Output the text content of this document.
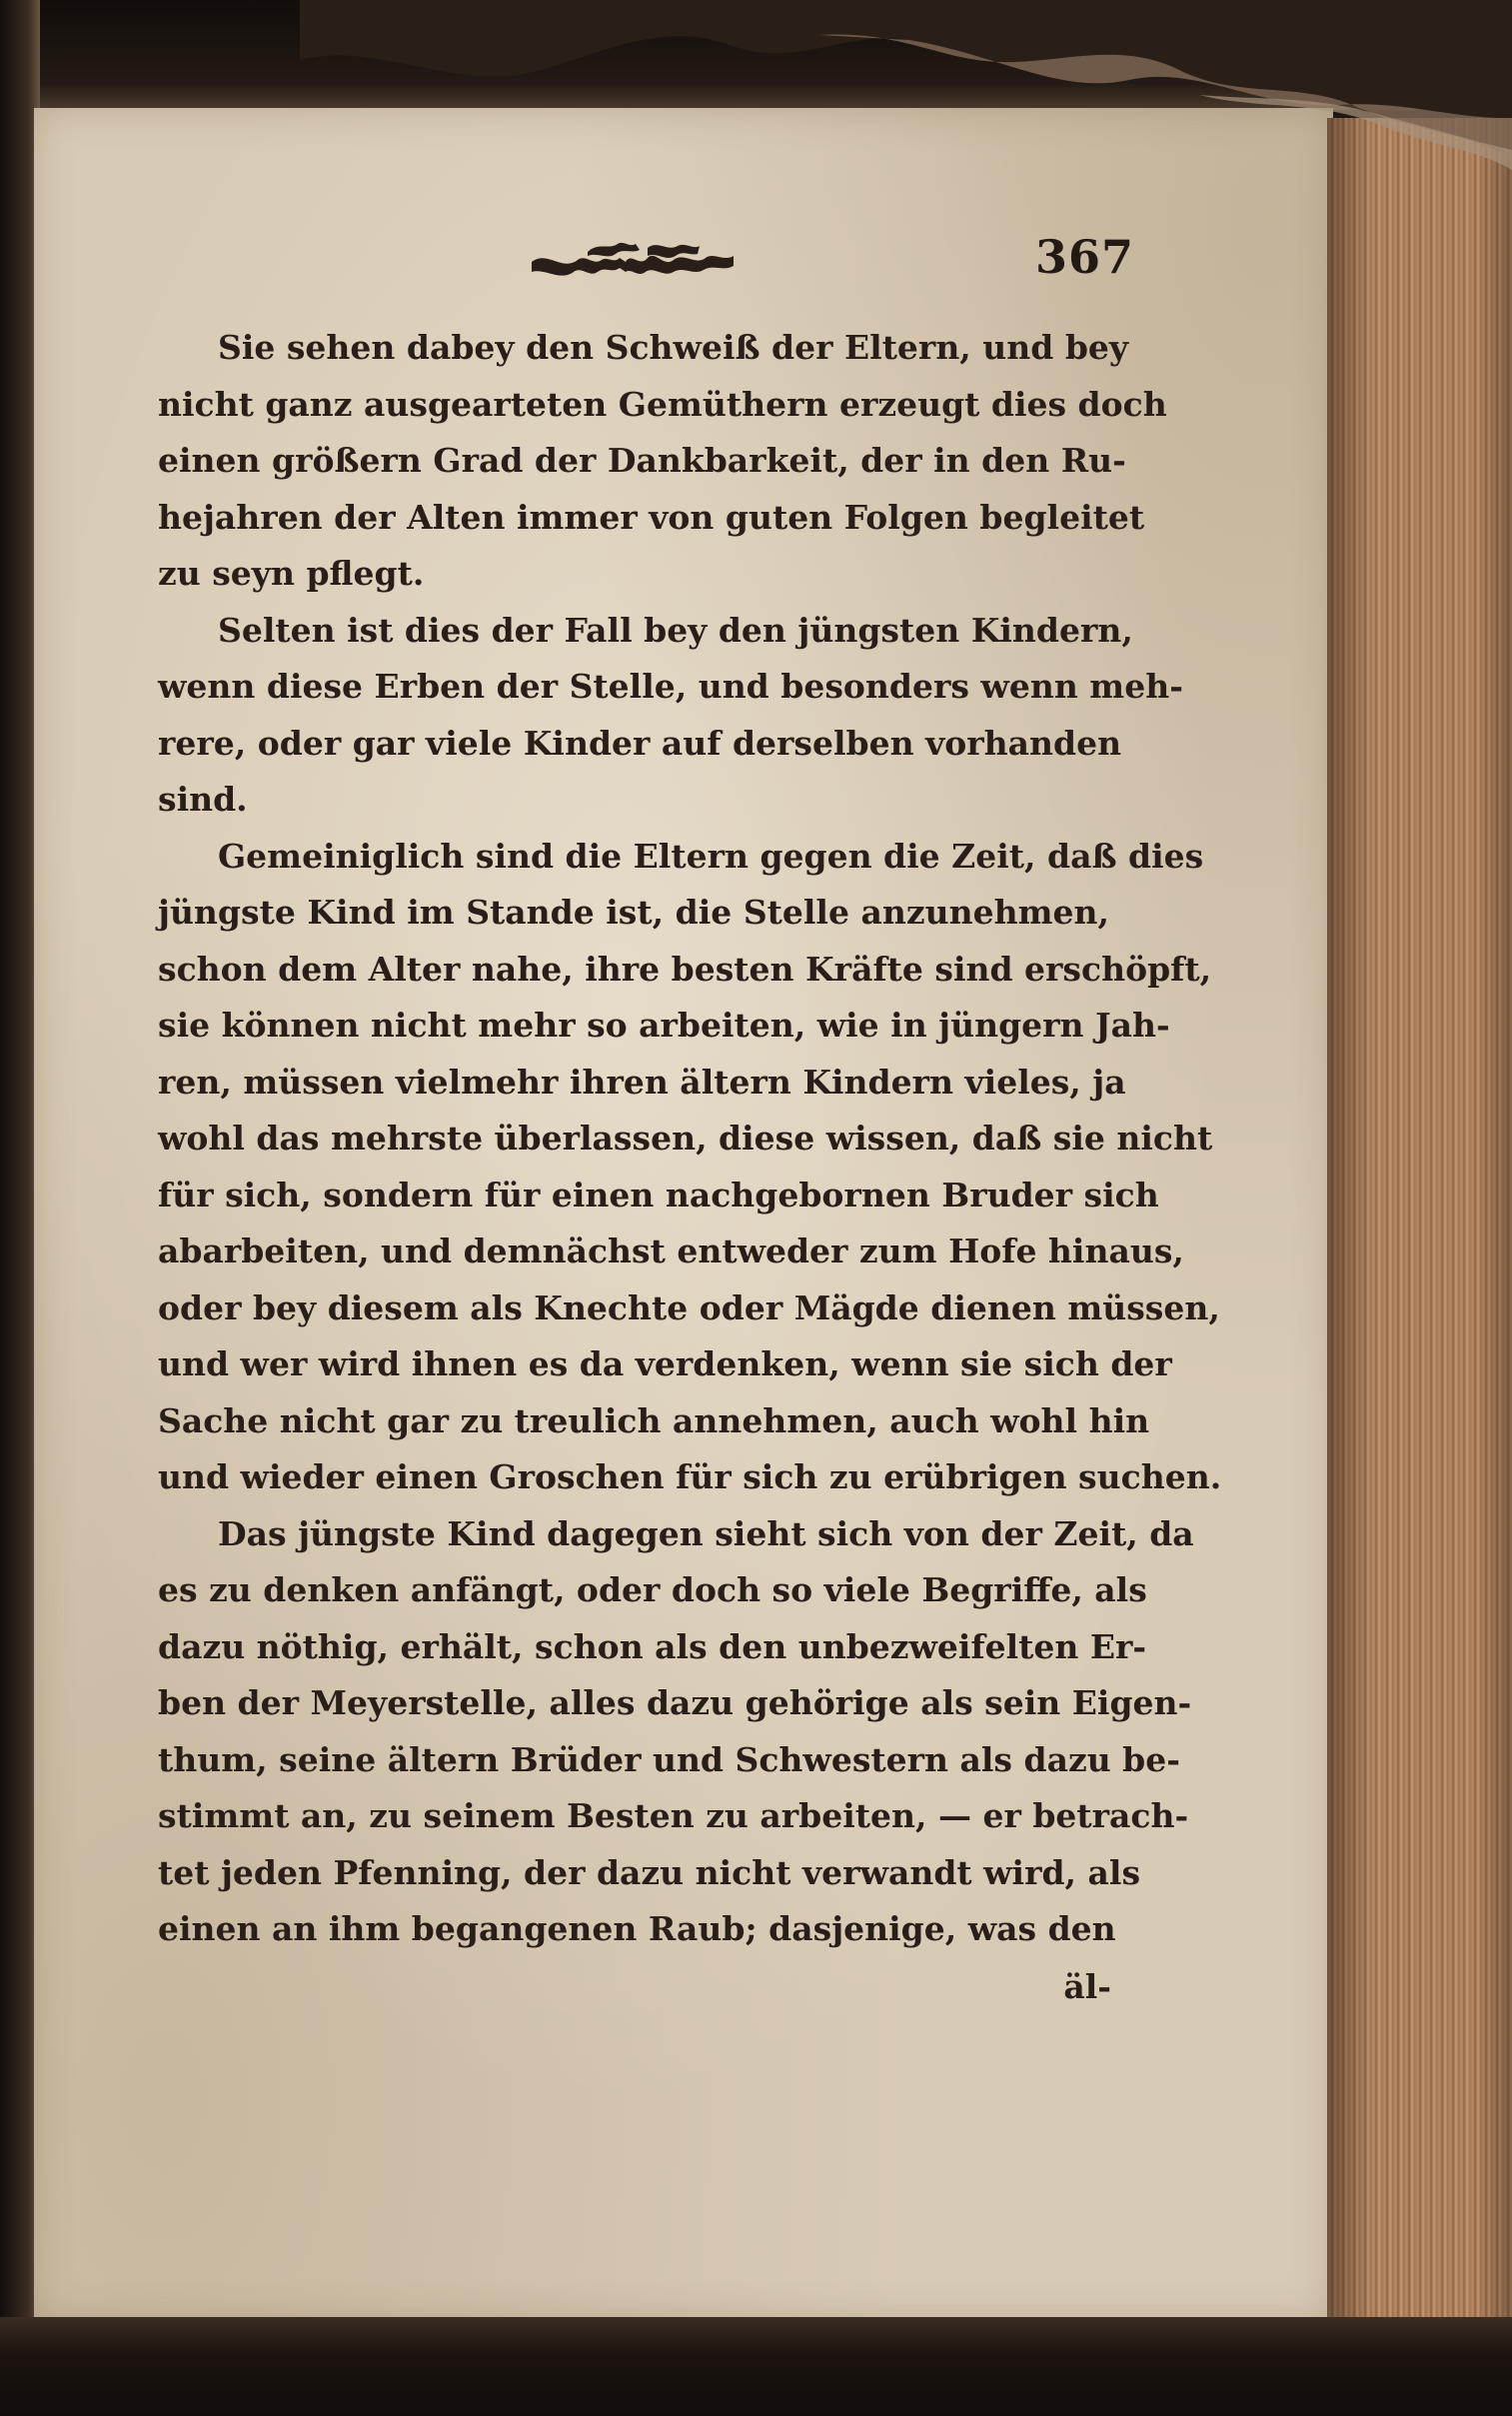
367
Sie sehen dabey den Schweiß der Eltern, und bey
nicht ganz ausgearteten Gemüthern erzeugt dies doch
einen größern Grad der Dankbarkeit, der in den Ru-
hejahren der Alten immer von guten Folgen begleitet
zu seyn pflegt.
Selten ist dies der Fall bey den jüngsten Kindern,
wenn diese Erben der Stelle, und besonders wenn meh-
rere, oder gar viele Kinder auf derselben vorhanden
sind.
Gemeiniglich sind die Eltern gegen die Zeit, daß dies
jüngste Kind im Stande ist, die Stelle anzunehmen,
schon dem Alter nahe, ihre besten Kräfte sind erschöpft,
sie können nicht mehr so arbeiten, wie in jüngern Jah-
ren, müssen vielmehr ihren ältern Kindern vieles, ja
wohl das mehrste überlassen, diese wissen, daß sie nicht
für sich, sondern für einen nachgebornen Bruder sich
abarbeiten, und demnächst entweder zum Hofe hinaus,
oder bey diesem als Knechte oder Mägde dienen müssen,
und wer wird ihnen es da verdenken, wenn sie sich der
Sache nicht gar zu treulich annehmen, auch wohl hin
und wieder einen Groschen für sich zu erübrigen suchen.
Das jüngste Kind dagegen sieht sich von der Zeit, da
es zu denken anfängt, oder doch so viele Begriffe, als
dazu nöthig, erhält, schon als den unbezweifelten Er-
ben der Meyerstelle, alles dazu gehörige als sein Eigen-
thum, seine ältern Brüder und Schwestern als dazu be-
stimmt an, zu seinem Besten zu arbeiten, — er betrach-
tet jeden Pfenning, der dazu nicht verwandt wird, als
einen an ihm begangenen Raub; dasjenige, was den
äl-
